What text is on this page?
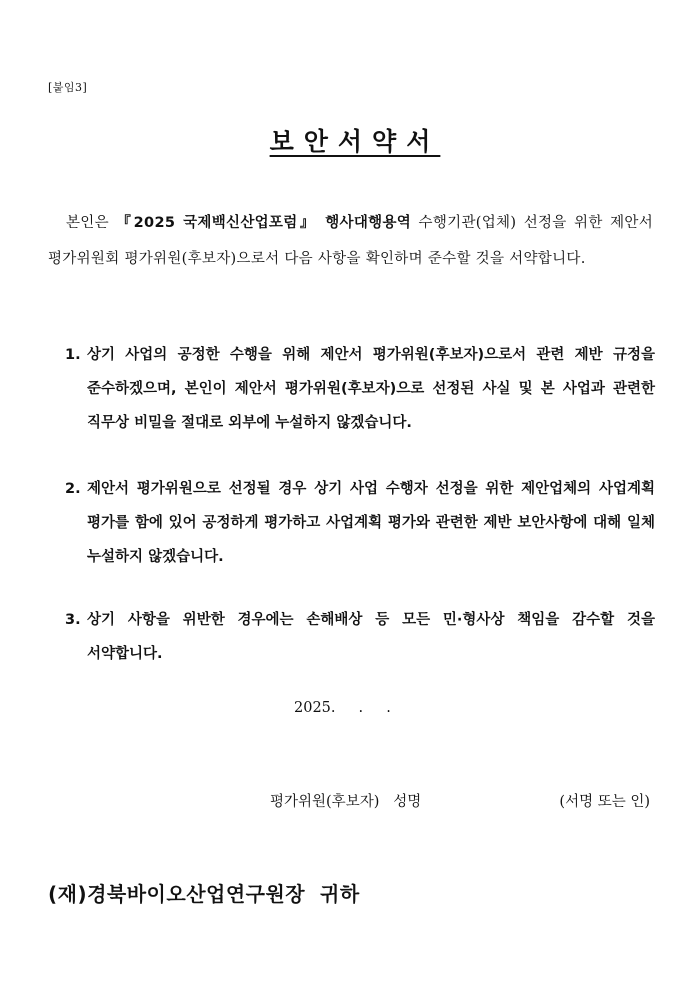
[붙임3]
보안서약서

본인은 『2025 국제백신산업포럼』 행사대행용역 수행기관(업체) 선정을 위한 제안서 평가위원회 평가위원(후보자)으로서 다음 사항을 확인하며 준수할 것을 서약합니다.

1. 상기 사업의 공정한 수행을 위해 제안서 평가위원(후보자)으로서 관련 제반 규정을 준수하겠으며, 본인이 제안서 평가위원(후보자)으로 선정된 사실 및 본 사업과 관련한 직무상 비밀을 절대로 외부에 누설하지 않겠습니다.
2. 제안서 평가위원으로 선정될 경우 상기 사업 수행자 선정을 위한 제안업체의 사업계획 평가를 함에 있어 공정하게 평가하고 사업계획 평가와 관련한 제반 보안사항에 대해 일체 누설하지 않겠습니다.
3. 상기 사항을 위반한 경우에는 손해배상 등 모든 민·형사상 책임을 감수할 것을 서약합니다.
2025.     .     .
평가위원(후보자)   성명	(서명 또는 인)
(재)경북바이오산업연구원장  귀하
